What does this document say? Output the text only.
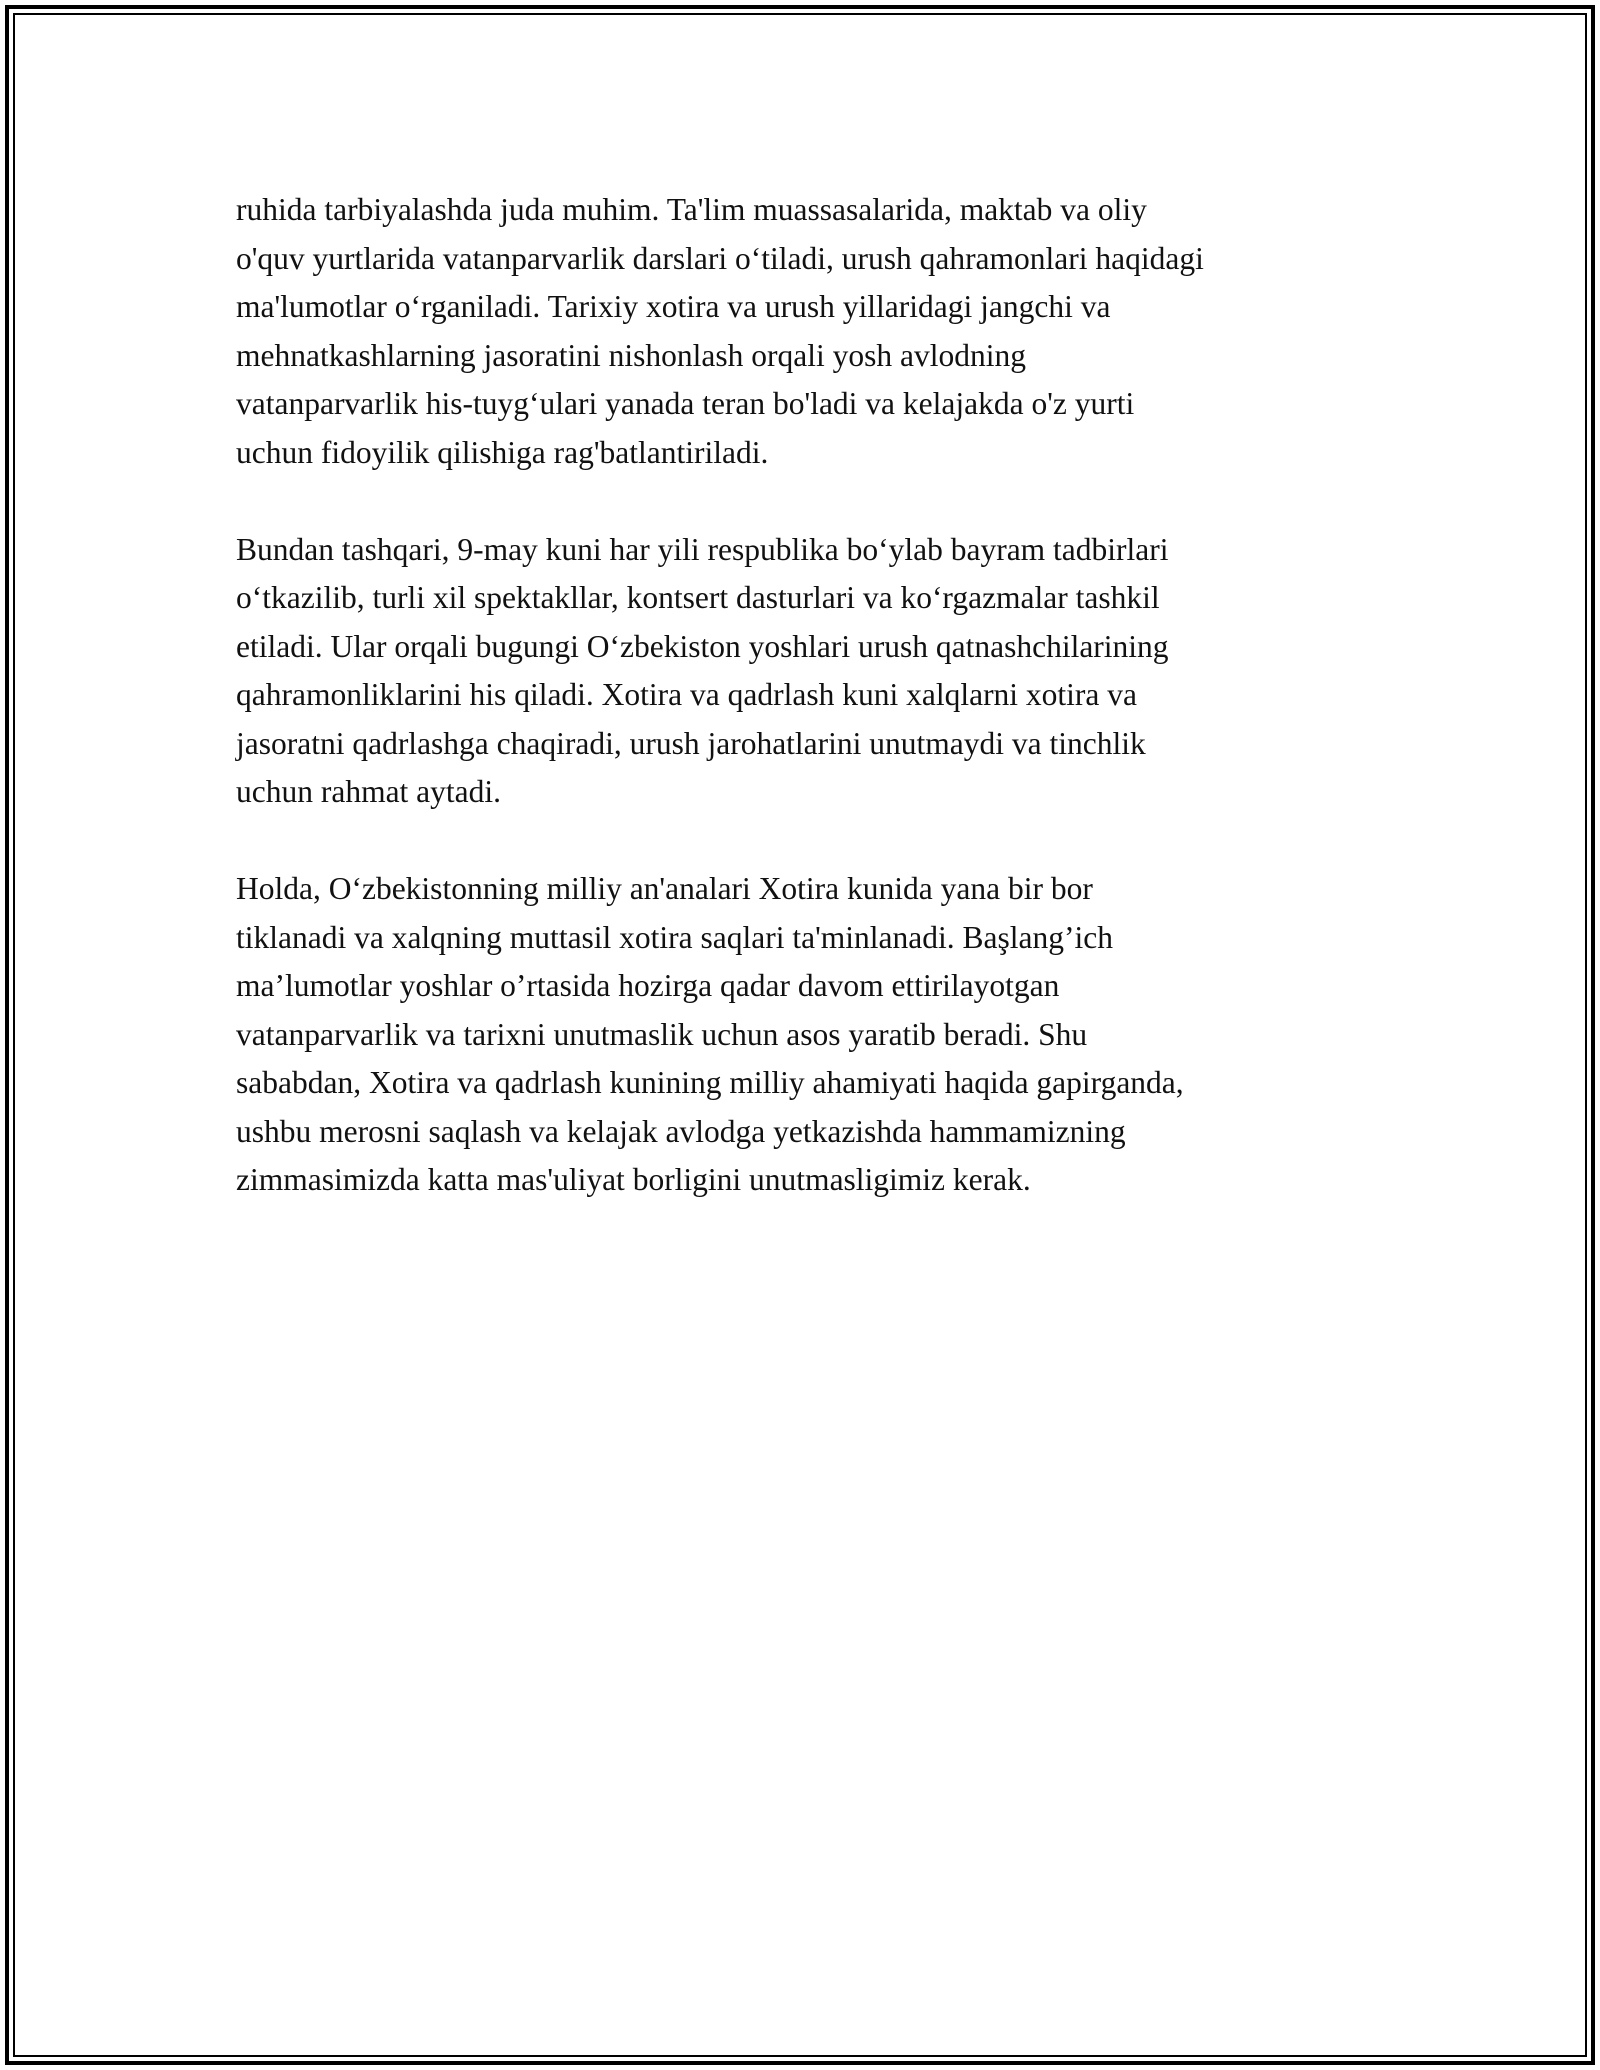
ruhida tarbiyalashda juda muhim. Ta'lim muassasalarida, maktab va oliy
o'quv yurtlarida vatanparvarlik darslari o‘tiladi, urush qahramonlari haqidagi
ma'lumotlar o‘rganiladi. Tarixiy xotira va urush yillaridagi jangchi va
mehnatkashlarning jasoratini nishonlash orqali yosh avlodning
vatanparvarlik his-tuyg‘ulari yanada teran bo'ladi va kelajakda o'z yurti
uchun fidoyilik qilishiga rag'batlantiriladi.

Bundan tashqari, 9-may kuni har yili respublika bo‘ylab bayram tadbirlari
o‘tkazilib, turli xil spektakllar, kontsert dasturlari va ko‘rgazmalar tashkil
etiladi. Ular orqali bugungi O‘zbekiston yoshlari urush qatnashchilarining
qahramonliklarini his qiladi. Xotira va qadrlash kuni xalqlarni xotira va
jasoratni qadrlashga chaqiradi, urush jarohatlarini unutmaydi va tinchlik
uchun rahmat aytadi.

Holda, O‘zbekistonning milliy an'analari Xotira kunida yana bir bor
tiklanadi va xalqning muttasil xotira saqlari ta'minlanadi. Başlang’ich
ma’lumotlar yoshlar o’rtasida hozirga qadar davom ettirilayotgan
vatanparvarlik va tarixni unutmaslik uchun asos yaratib beradi. Shu
sababdan, Xotira va qadrlash kunining milliy ahamiyati haqida gapirganda,
ushbu merosni saqlash va kelajak avlodga yetkazishda hammamizning
zimmasimizda katta mas'uliyat borligini unutmasligimiz kerak.
